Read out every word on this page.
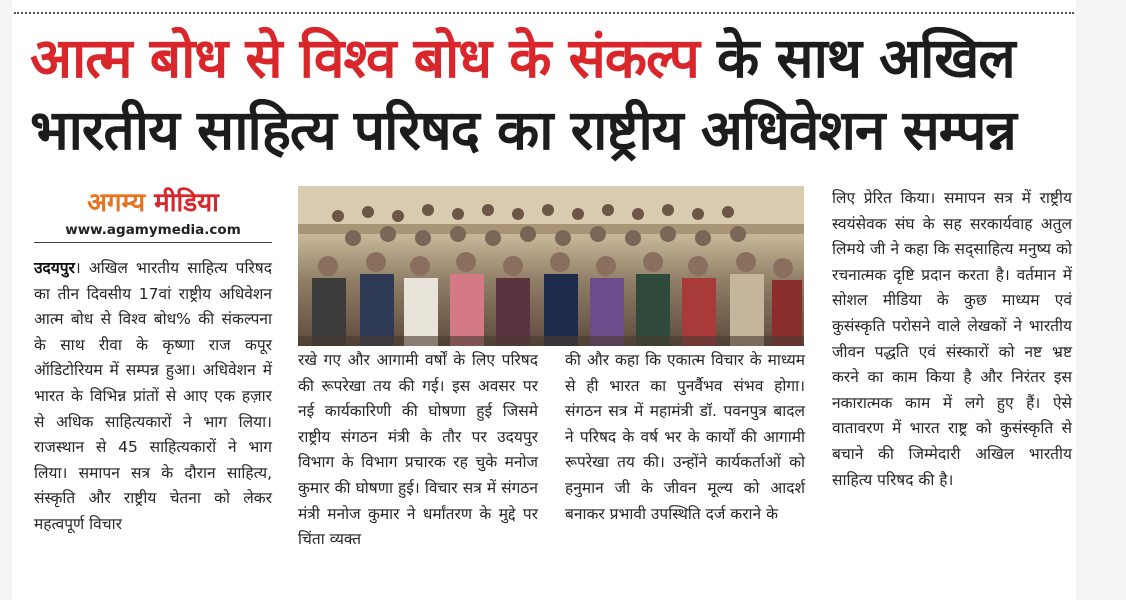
आत्म बोध से विश्व बोध के संकल्प के साथ अखिल भारतीय साहित्य परिषद का राष्ट्रीय अधिवेशन सम्पन्न

अगम्य मीडिया

www.agamymedia.com

उदयपुर। अखिल भारतीय साहित्य परिषद का तीन दिवसीय 17वां राष्ट्रीय अधिवेशन आत्म बोध से विश्व बोध% की संकल्पना के साथ रीवा के कृष्णा राज कपूर ऑडिटोरियम में सम्पन्न हुआ। अधिवेशन में भारत के विभिन्न प्रांतों से आए एक हज़ार से अधिक साहित्यकारों ने भाग लिया। राजस्थान से 45 साहित्यकारों ने भाग लिया। समापन सत्र के दौरान साहित्य, संस्कृति और राष्ट्रीय चेतना को लेकर महत्वपूर्ण विचार

रखे गए और आगामी वर्षों के लिए परिषद की रूपरेखा तय की गई। इस अवसर पर नई कार्यकारिणी की घोषणा हुई जिसमे राष्ट्रीय संगठन मंत्री के तौर पर उदयपुर विभाग के विभाग प्रचारक रह चुके मनोज कुमार की घोषणा हुई। विचार सत्र में संगठन मंत्री मनोज कुमार ने धर्मांतरण के मुद्दे पर चिंता व्यक्त

की और कहा कि एकात्म विचार के माध्यम से ही भारत का पुनर्वैभव संभव होगा। संगठन सत्र में महामंत्री डॉ. पवनपुत्र बादल ने परिषद के वर्ष भर के कार्यों की आगामी रूपरेखा तय की। उन्होंने कार्यकर्ताओं को हनुमान जी के जीवन मूल्य को आदर्श बनाकर प्रभावी उपस्थिति दर्ज कराने के

लिए प्रेरित किया। समापन सत्र में राष्ट्रीय स्वयंसेवक संघ के सह सरकार्यवाह अतुल लिमये जी ने कहा कि सद्साहित्य मनुष्य को रचनात्मक दृष्टि प्रदान करता है। वर्तमान में सोशल मीडिया के कुछ माध्यम एवं कुसंस्कृति परोसने वाले लेखकों ने भारतीय जीवन पद्धति एवं संस्कारों को नष्ट भ्रष्ट करने का काम किया है और निरंतर इस नकारात्मक काम में लगे हुए हैं। ऐसे वातावरण में भारत राष्ट्र को कुसंस्कृति से बचाने की जिम्मेदारी अखिल भारतीय साहित्य परिषद की है।
